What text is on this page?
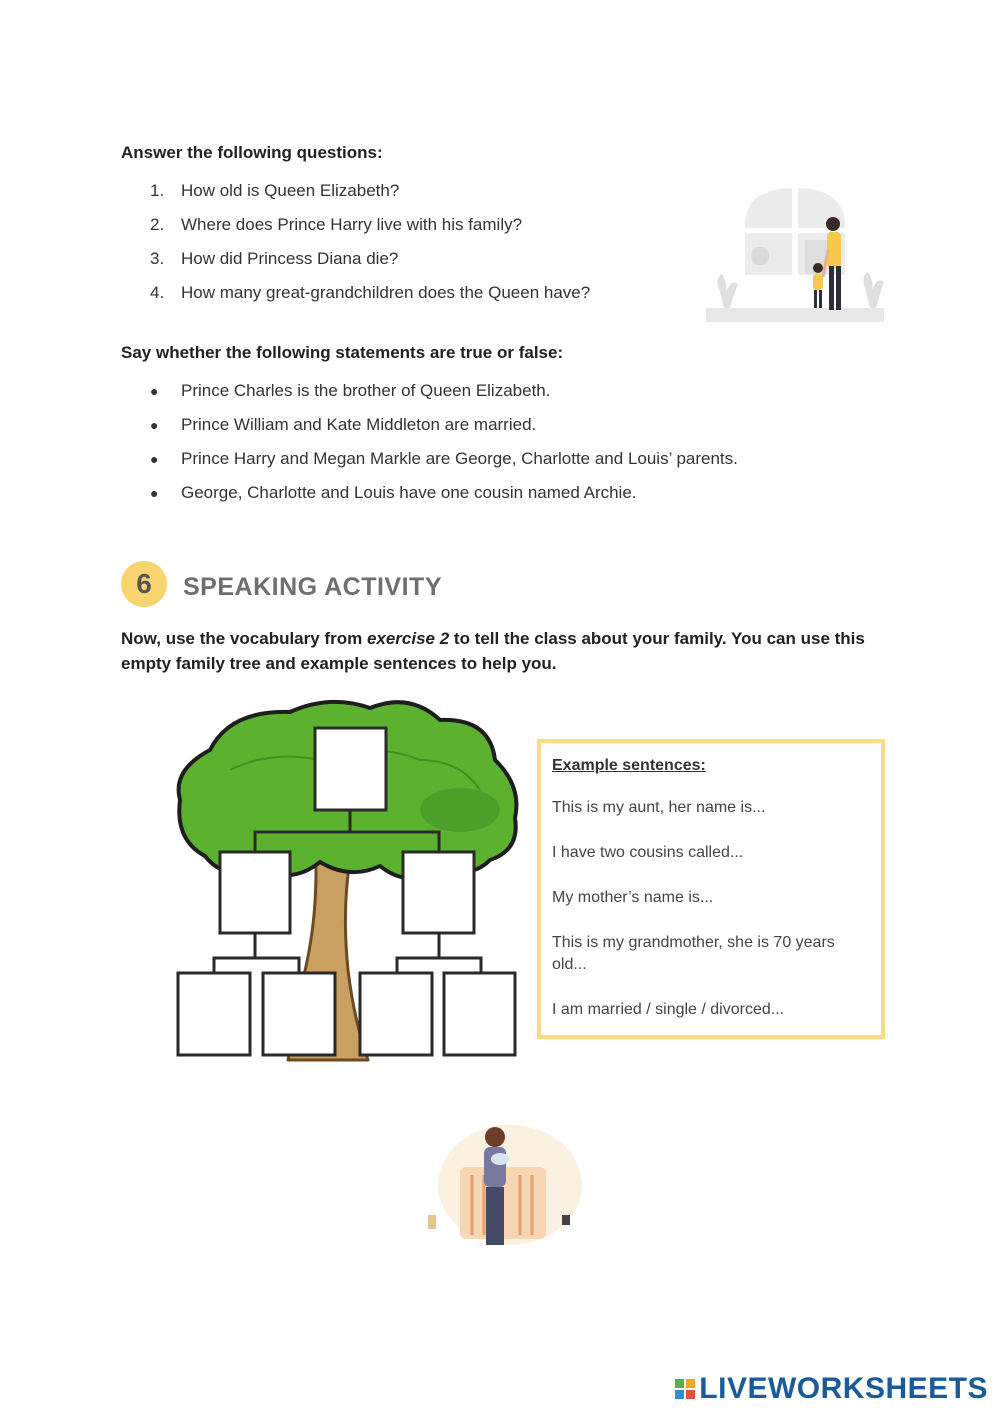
Answer the following questions:
1. How old is Queen Elizabeth?
2. Where does Prince Harry live with his family?
3. How did Princess Diana die?
4. How many great-grandchildren does the Queen have?
Say whether the following statements are true or false:
● Prince Charles is the brother of Queen Elizabeth.
● Prince William and Kate Middleton are married.
● Prince Harry and Megan Markle are George, Charlotte and Louis’ parents.
● George, Charlotte and Louis have one cousin named Archie.
6	SPEAKING ACTIVITY
Now, use the vocabulary from exercise 2 to tell the class about your family. You can use this empty family tree and example sentences to help you.
Example sentences:
This is my aunt, her name is...
I have two cousins called...
My mother’s name is...
This is my grandmother, she is 70 years old...
I am married / single / divorced...
LIVEWORKSHEETS
